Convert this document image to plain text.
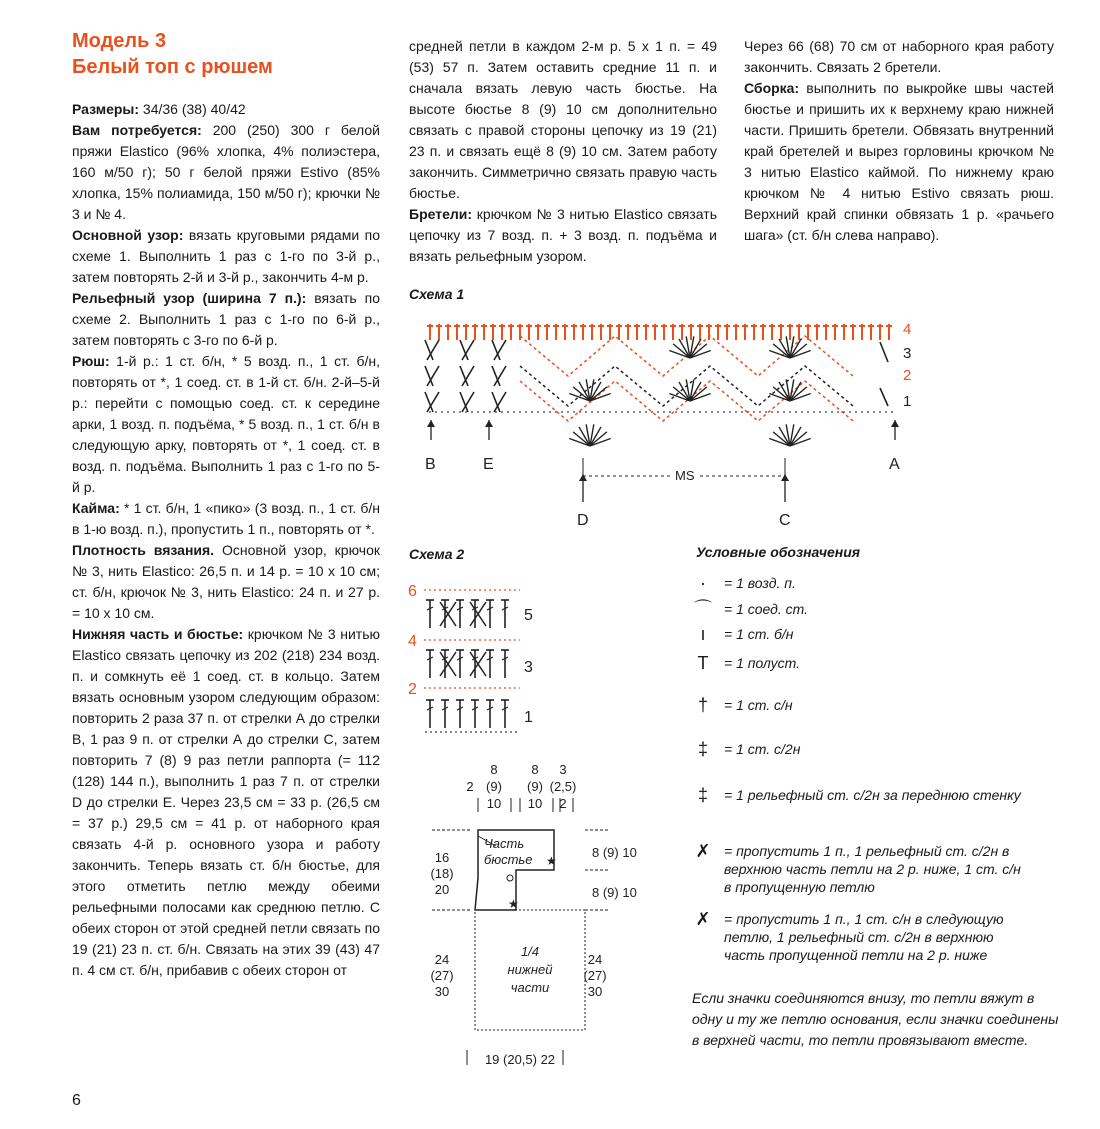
Модель 3
Белый топ с рюшем

Размеры: 34/36 (38) 40/42

Вам потребуется: 200 (250) 300 г белой пряжи Elastico (96% хлопка, 4% полиэстера, 160 м/50 г); 50 г белой пряжи Estivo (85% хлопка, 15% полиамида, 150 м/50 г); крючки № 3 и № 4.

Основной узор: вязать круговыми рядами по схеме 1. Выполнить 1 раз с 1-го по 3-й р., затем повторять 2-й и 3-й р., закончить 4-м р.

Рельефный узор (ширина 7 п.): вязать по схеме 2. Выполнить 1 раз с 1-го по 6-й р., затем повторять с 3-го по 6-й р.

Рюш: 1-й р.: 1 ст. б/н, * 5 возд. п., 1 ст. б/н, повторять от *, 1 соед. ст. в 1-й ст. б/н. 2-й–5-й р.: перейти с помощью соед. ст. к середине арки, 1 возд. п. подъёма, * 5 возд. п., 1 ст. б/н в следующую арку, повторять от *, 1 соед. ст. в возд. п. подъёма. Выполнить 1 раз с 1-го по 5-й р.

Кайма: * 1 ст. б/н, 1 «пико» (3 возд. п., 1 ст. б/н в 1-ю возд. п.), пропустить 1 п., повторять от *.

Плотность вязания. Основной узор, крючок № 3, нить Elastico: 26,5 п. и 14 р. = 10 х 10 см; ст. б/н, крючок № 3, нить Elastico: 24 п. и 27 р. = 10 х 10 см.

Нижняя часть и бюстье: крючком № 3 нитью Elastico связать цепочку из 202 (218) 234 возд. п. и сомкнуть её 1 соед. ст. в кольцо. Затем вязать основным узором следующим образом: повторить 2 раза 37 п. от стрелки А до стрелки В, 1 раз 9 п. от стрелки А до стрелки С, затем повторить 7 (8) 9 раз петли раппорта (= 112 (128) 144 п.), выполнить 1 раз 7 п. от стрелки D до стрелки Е. Через 23,5 см = 33 р. (26,5 см = 37 р.) 29,5 см = 41 р. от наборного края связать 4-й р. основного узора и работу закончить. Теперь вязать ст. б/н бюстье, для этого отметить петлю между обеими рельефными полосами как среднюю петлю. С обеих сторон от этой средней петли связать по 19 (21) 23 п. ст. б/н. Связать на этих 39 (43) 47 п. 4 см ст. б/н, прибавив с обеих сторон от

средней петли в каждом 2-м р. 5 х 1 п. = 49 (53) 57 п. Затем оставить средние 11 п. и сначала вязать левую часть бюстье. На высоте бюстье 8 (9) 10 см дополнительно связать с правой стороны цепочку из 19 (21) 23 п. и связать ещё 8 (9) 10 см. Затем работу закончить. Симметрично связать правую часть бюстье.

Бретели: крючком № 3 нитью Elastico связать цепочку из 7 возд. п. + 3 возд. п. подъёма и вязать рельефным узором.

Через 66 (68) 70 см от наборного края работу закончить. Связать 2 бретели.

Сборка: выполнить по выкройке швы частей бюстье и пришить их к верхнему краю нижней части. Пришить бретели. Обвязать внутренний край бретелей и вырез горловины крючком № 3 нитью Elastico каймой. По нижнему краю крючком № 4 нитью Estivo связать рюш. Верхний край спинки обвязать 1 р. «рачьего шага» (ст. б/н слева направо).

Схема 1
4
3
2
1
B	E	A
D	C
MS
Схема 2
6
4
2
5
3
1
8
(9)
10
8
(9)
10
3
(2,5)
2
2
★
★
Часть
бюстье
1/4
нижней
части
16
(18)
20
24
(27)
30
8 (9) 10
8 (9) 10
24
(27)
30
19 (20,5) 22
Условные обозначения
·	= 1 возд. п.
⌒ = 1 соед. ст.
ı	= 1 ст. б/н
T	= 1 полуст.
†	= 1 ст. с/н
‡	= 1 ст. с/2н
‡	= 1 рельефный ст. с/2н за переднюю стенку
✗ = пропустить 1 п., 1 рельефный ст. с/2н в
верхнюю часть петли на 2 р. ниже, 1 ст. с/н
в пропущенную петлю
✗ = пропустить 1 п., 1 ст. с/н в следующую
петлю, 1 рельефный ст. с/2н в верхнюю
часть пропущенной петли на 2 р. ниже
Если значки соединяются внизу, то петли вяжут в одну и ту же петлю основания, если значки соединены в верхней части, то петли провязывают вместе.
6
